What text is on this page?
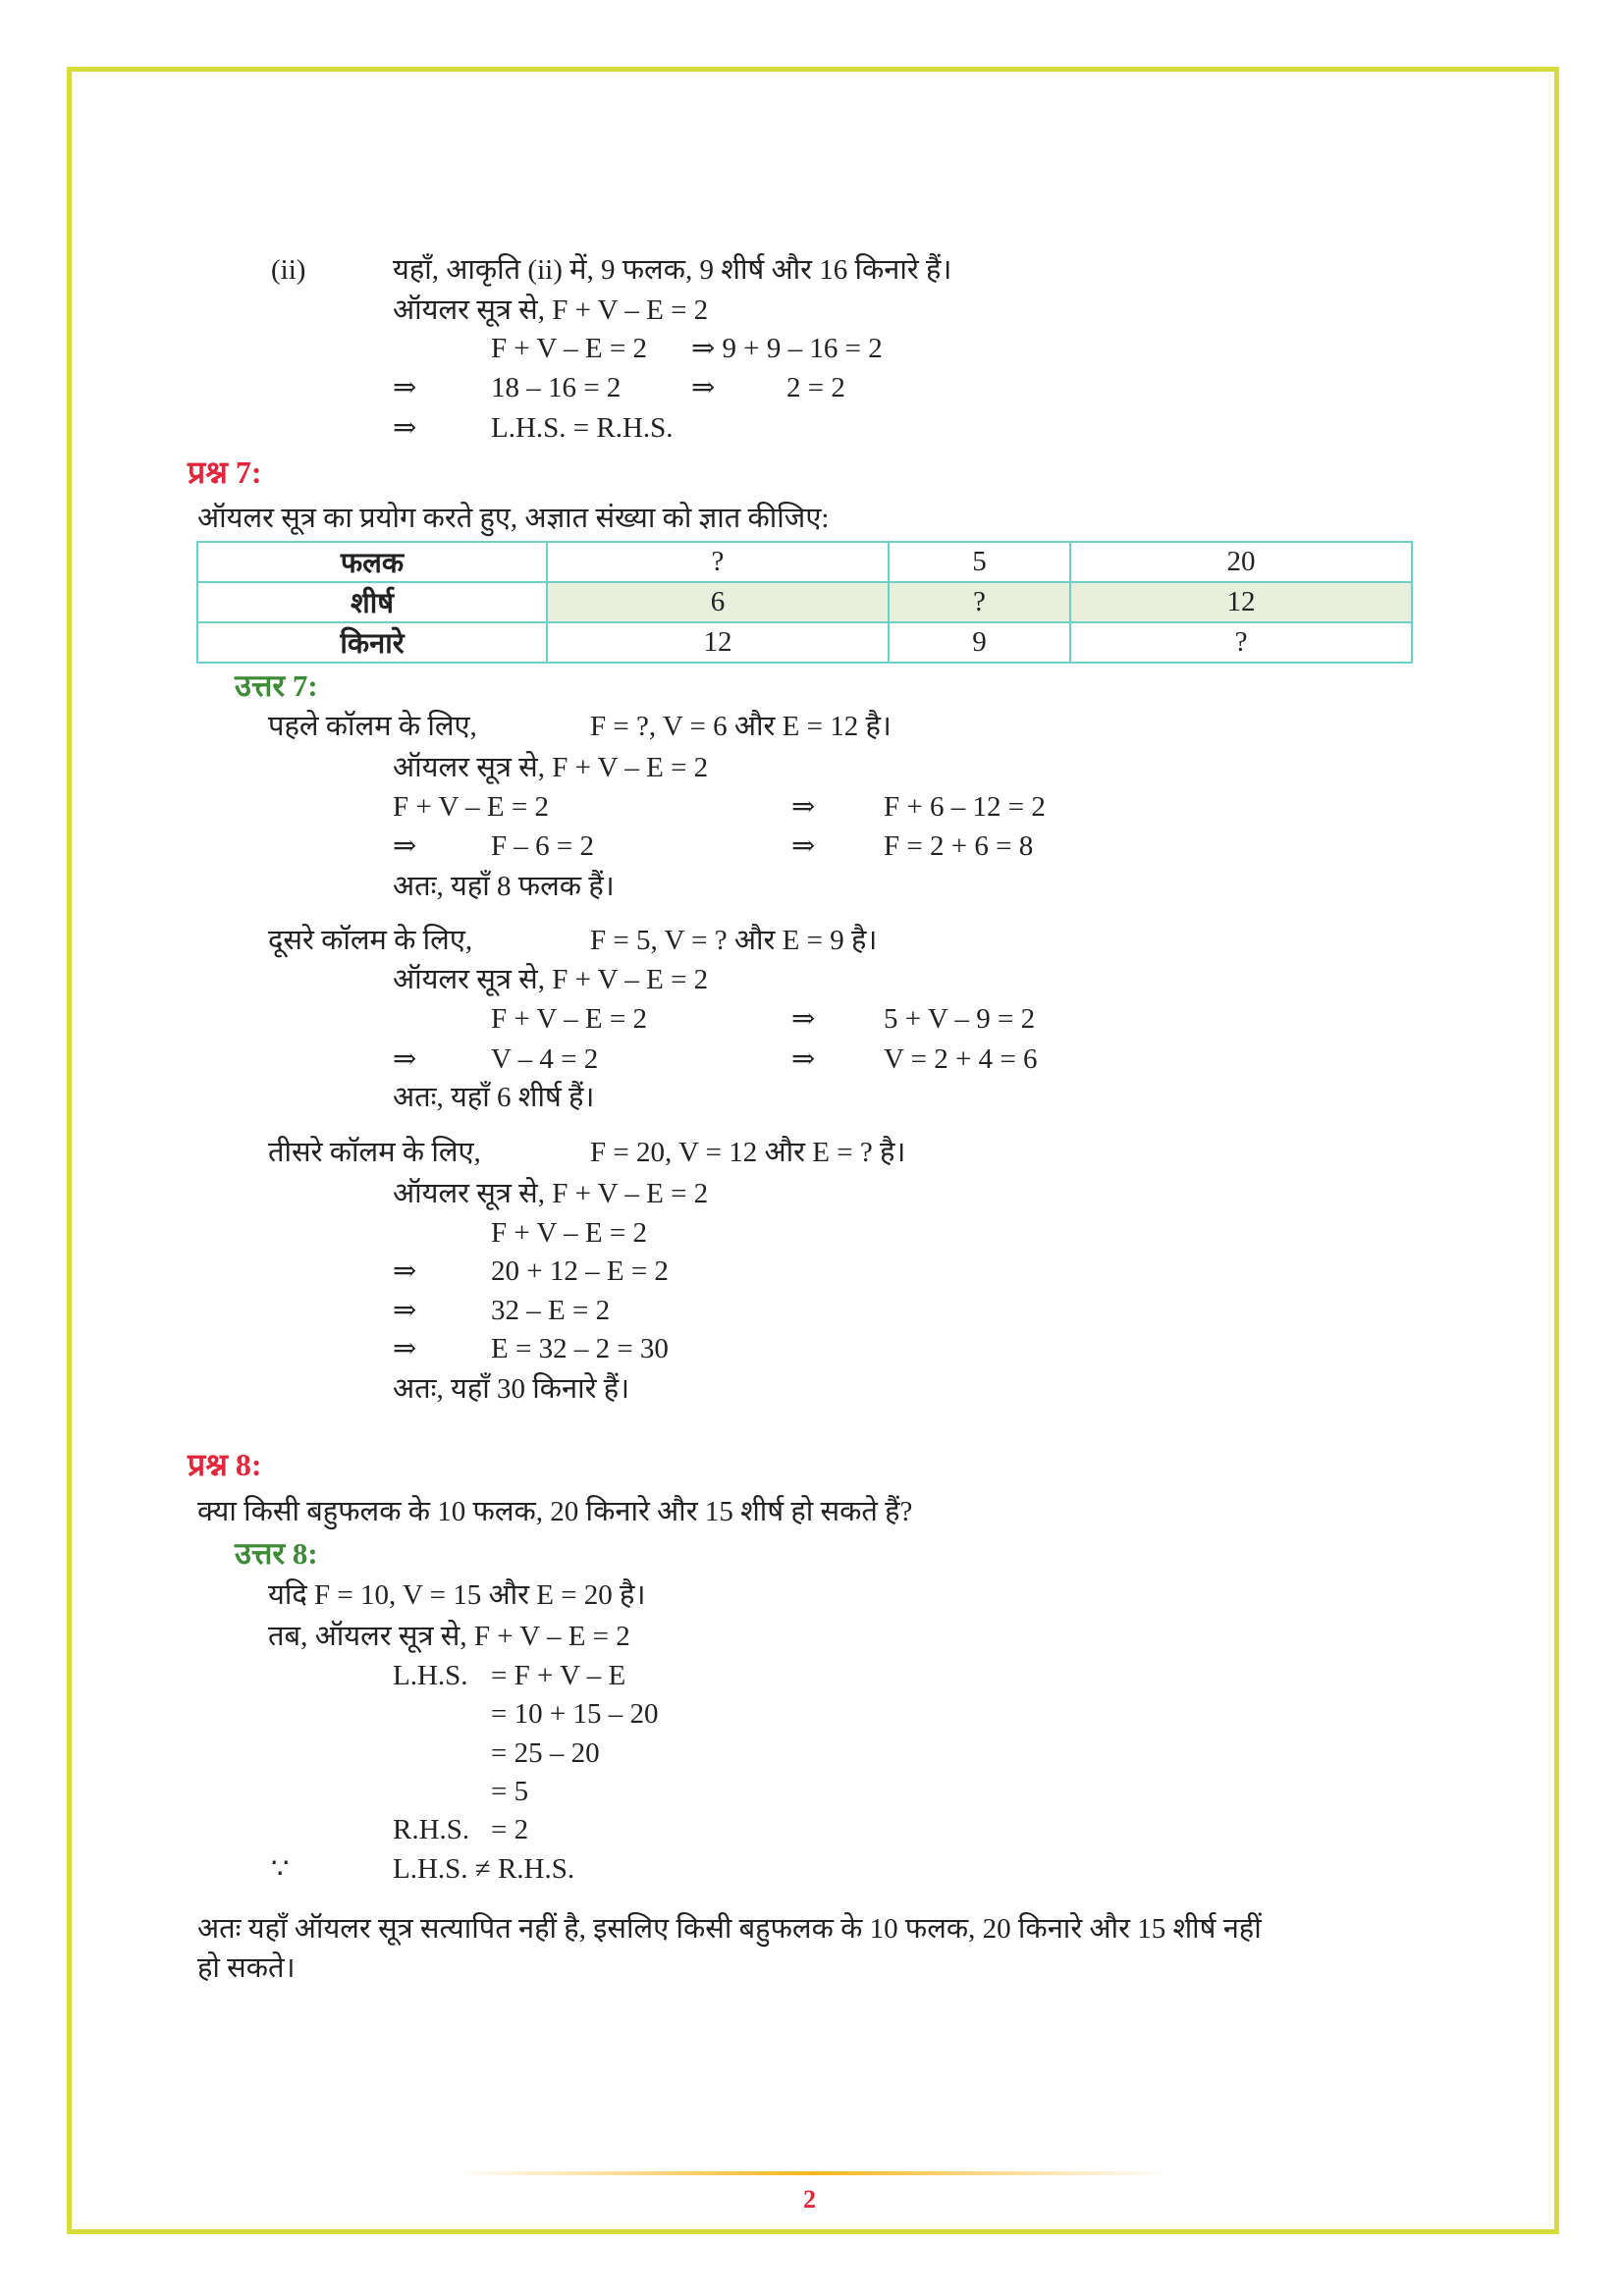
(ii)	यहाँ, आकृति (ii) में, 9 फलक, 9 शीर्ष और 16 किनारे हैं।
ऑयलर सूत्र से, F + V – E = 2
F + V – E = 2 ⇒ 9 + 9 – 16 = 2
⇒	18 – 16 = 2 ⇒	2 = 2
⇒	L.H.S. = R.H.S.
प्रश्न 7:
ऑयलर सूत्र का प्रयोग करते हुए, अज्ञात संख्या को ज्ञात कीजिए:
फलक	?	5	20
शीर्ष	6	?	12
किनारे	12	9	?
उत्तर 7:
पहले कॉलम के लिए,	F = ?, V = 6 और E = 12 है।
ऑयलर सूत्र से, F + V – E = 2
F + V – E = 2	⇒ F + 6 – 12 = 2
⇒	F – 6 = 2	⇒ F = 2 + 6 = 8
अतः, यहाँ 8 फलक हैं।
दूसरे कॉलम के लिए,	F = 5, V = ? और E = 9 है।
ऑयलर सूत्र से, F + V – E = 2
F + V – E = 2	⇒ 5 + V – 9 = 2
⇒	V – 4 = 2	⇒ V = 2 + 4 = 6
अतः, यहाँ 6 शीर्ष हैं।
तीसरे कॉलम के लिए,	F = 20, V = 12 और E = ? है।
ऑयलर सूत्र से, F + V – E = 2
F + V – E = 2
⇒	20 + 12 – E = 2
⇒	32 – E = 2
⇒	E = 32 – 2 = 30
अतः, यहाँ 30 किनारे हैं।
प्रश्न 8:
क्या किसी बहुफलक के 10 फलक, 20 किनारे और 15 शीर्ष हो सकते हैं?
उत्तर 8:
यदि F = 10, V = 15 और E = 20 है।
तब, ऑयलर सूत्र से, F + V – E = 2
L.H.S. = F + V – E
= 10 + 15 – 20
= 25 – 20
= 5
R.H.S. = 2
∵	L.H.S. ≠ R.H.S.
अतः यहाँ ऑयलर सूत्र सत्यापित नहीं है, इसलिए किसी बहुफलक के 10 फलक, 20 किनारे और 15 शीर्ष नहीं
हो सकते।
2
